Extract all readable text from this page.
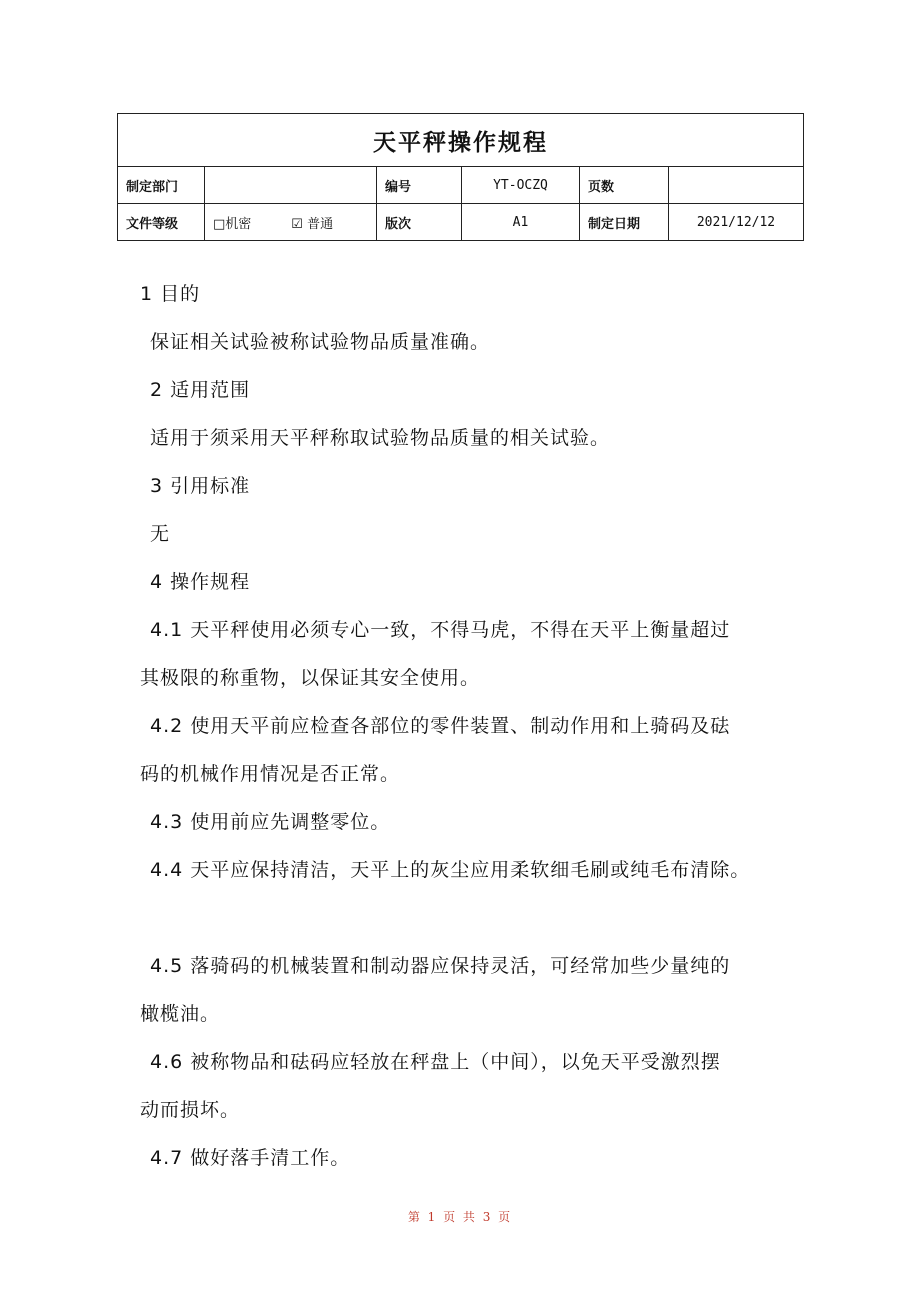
天平秤操作规程					
制定部门		编号	YT-OCZQ	页数	
文件等级	□机密 ☑ 普通	版次	A1	制定日期	2021/12/12

1 目的

保证相关试验被称试验物品质量准确。

2 适用范围

适用于须采用天平秤称取试验物品质量的相关试验。

3 引用标准

无

4 操作规程

4.1 天平秤使用必须专心一致，不得马虎，不得在天平上衡量超过

其极限的称重物，以保证其安全使用。

4.2 使用天平前应检查各部位的零件装置、制动作用和上骑码及砝

码的机械作用情况是否正常。

4.3 使用前应先调整零位。

4.4 天平应保持清洁，天平上的灰尘应用柔软细毛刷或纯毛布清除。

4.5 落骑码的机械装置和制动器应保持灵活，可经常加些少量纯的

橄榄油。

4.6 被称物品和砝码应轻放在秤盘上（中间），以免天平受激烈摆

动而损坏。

4.7 做好落手清工作。

第 1 页 共 3 页
